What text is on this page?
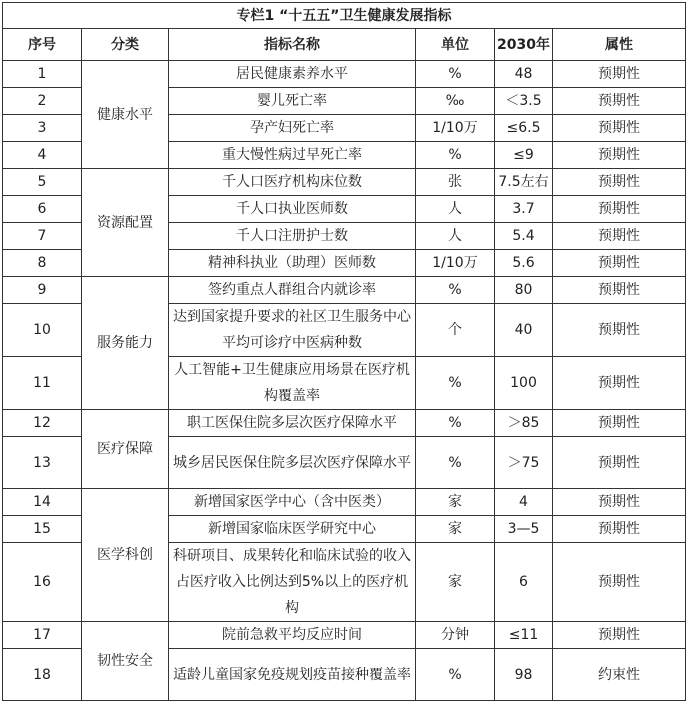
专栏1 “十五五”卫生健康发展指标					
序号	分类	指标名称	单位	2030年	属性
1	健康水平	居民健康素养水平	%	48	预期性
2		婴儿死亡率	‰	＜3.5	预期性
3		孕产妇死亡率	1/10万	≤6.5	预期性
4		重大慢性病过早死亡率	%	≤9	预期性
5	资源配置	千人口医疗机构床位数	张	7.5左右	预期性
6		千人口执业医师数	人	3.7	预期性
7		千人口注册护士数	人	5.4	预期性
8		精神科执业（助理）医师数	1/10万	5.6	预期性
9	服务能力	签约重点人群组合内就诊率	%	80	预期性
10		达到国家提升要求的社区卫生服务中心平均可诊疗中医病种数	个	40	预期性
11		人工智能+卫生健康应用场景在医疗机构覆盖率	%	100	预期性
12	医疗保障	职工医保住院多层次医疗保障水平	%	＞85	预期性
13		城乡居民医保住院多层次医疗保障水平	%	＞75	预期性
14	医学科创	新增国家医学中心（含中医类）	家	4	预期性
15		新增国家临床医学研究中心	家	3—5	预期性
16		科研项目、成果转化和临床试验的收入占医疗收入比例达到5%以上的医疗机构	家	6	预期性
17	韧性安全	院前急救平均反应时间	分钟	≤11	预期性
18		适龄儿童国家免疫规划疫苗接种覆盖率	%	98	约束性
